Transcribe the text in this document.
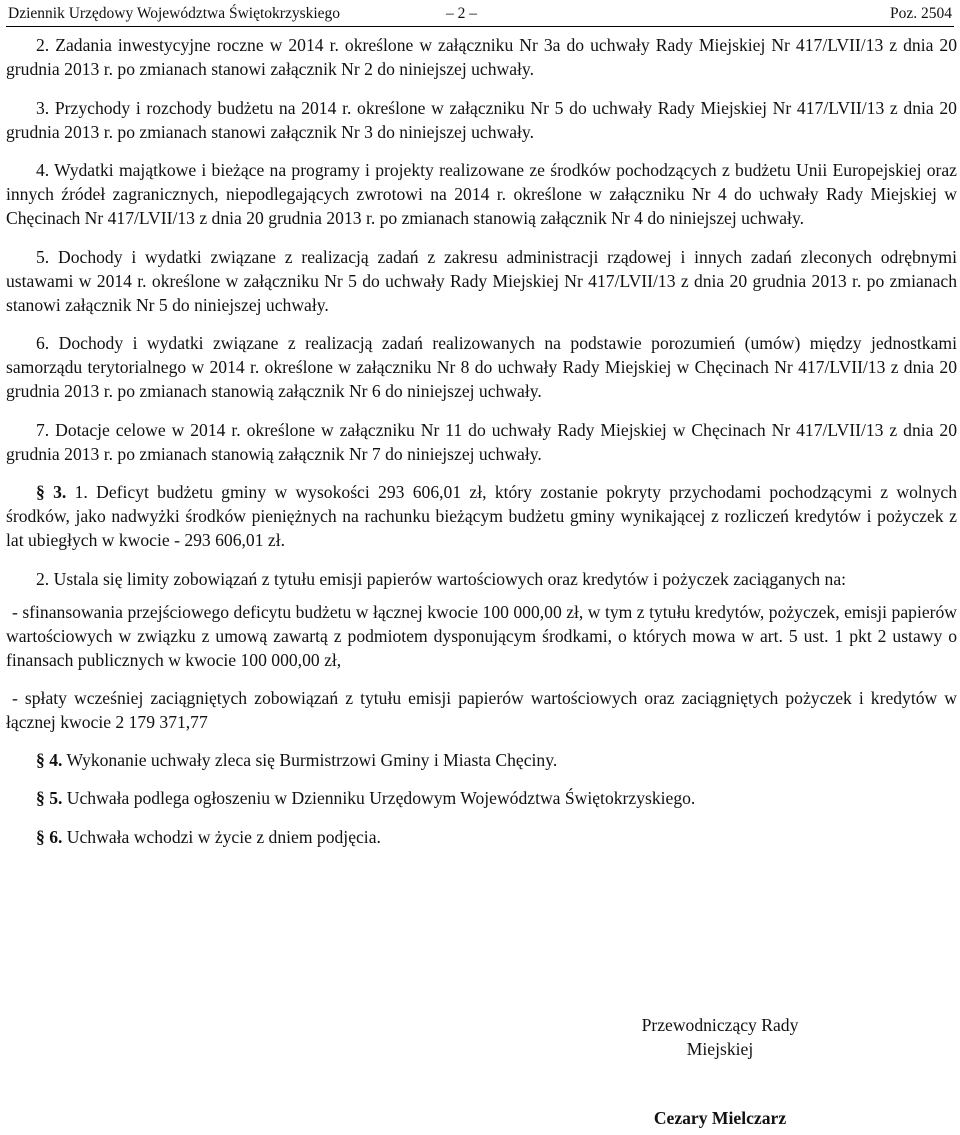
Dziennik Urzędowy Województwa Świętokrzyskiego	– 2 –	Poz. 2504

2. Zadania inwestycyjne roczne w 2014 r. określone w załączniku Nr 3a do uchwały Rady Miejskiej Nr 417/LVII/13 z dnia 20 grudnia 2013 r. po zmianach stanowi załącznik Nr 2 do niniejszej uchwały.

3. Przychody i rozchody budżetu na 2014 r. określone w załączniku Nr 5 do uchwały Rady Miejskiej Nr 417/LVII/13 z dnia 20 grudnia 2013 r. po zmianach stanowi załącznik Nr 3 do niniejszej uchwały.

4. Wydatki majątkowe i bieżące na programy i projekty realizowane ze środków pochodzących z budżetu Unii Europejskiej oraz innych źródeł zagranicznych, niepodlegających zwrotowi na 2014 r. określone w załączniku Nr 4 do uchwały Rady Miejskiej w Chęcinach Nr 417/LVII/13 z dnia 20 grudnia 2013 r. po zmianach stanowią załącznik Nr 4 do niniejszej uchwały.

5. Dochody i wydatki związane z realizacją zadań z zakresu administracji rządowej i innych zadań zleconych odrębnymi ustawami w 2014 r. określone w załączniku Nr 5 do uchwały Rady Miejskiej Nr 417/LVII/13 z dnia 20 grudnia 2013 r. po zmianach stanowi załącznik Nr 5 do niniejszej uchwały.

6. Dochody i wydatki związane z realizacją zadań realizowanych na podstawie porozumień (umów) między jednostkami samorządu terytorialnego w 2014 r. określone w załączniku Nr 8 do uchwały Rady Miejskiej w Chęcinach Nr 417/LVII/13 z dnia 20 grudnia 2013 r. po zmianach stanowią załącznik Nr 6 do niniejszej uchwały.

7. Dotacje celowe w 2014 r. określone w załączniku Nr 11 do uchwały Rady Miejskiej w Chęcinach Nr 417/LVII/13 z dnia 20 grudnia 2013 r. po zmianach stanowią załącznik Nr 7 do niniejszej uchwały.

§ 3. 1. Deficyt budżetu gminy w wysokości 293 606,01 zł, który zostanie pokryty przychodami pochodzącymi z wolnych środków, jako nadwyżki środków pieniężnych na rachunku bieżącym budżetu gminy wynikającej z rozliczeń kredytów i pożyczek z lat ubiegłych w kwocie - 293 606,01 zł.

2. Ustala się limity zobowiązań z tytułu emisji papierów wartościowych oraz kredytów i pożyczek zaciąganych na:

- sfinansowania przejściowego deficytu budżetu w łącznej kwocie 100 000,00 zł, w tym z tytułu kredytów, pożyczek, emisji papierów wartościowych w związku z umową zawartą z podmiotem dysponującym środkami, o których mowa w art. 5 ust. 1 pkt 2 ustawy o finansach publicznych w kwocie 100 000,00 zł,

- spłaty wcześniej zaciągniętych zobowiązań z tytułu emisji papierów wartościowych oraz zaciągniętych pożyczek i kredytów w łącznej kwocie 2 179 371,77

§ 4. Wykonanie uchwały zleca się Burmistrzowi Gminy i Miasta Chęciny.

§ 5. Uchwała podlega ogłoszeniu w Dzienniku Urzędowym Województwa Świętokrzyskiego.

§ 6. Uchwała wchodzi w życie z dniem podjęcia.

Przewodniczący Rady
Miejskiej
Cezary Mielczarz
